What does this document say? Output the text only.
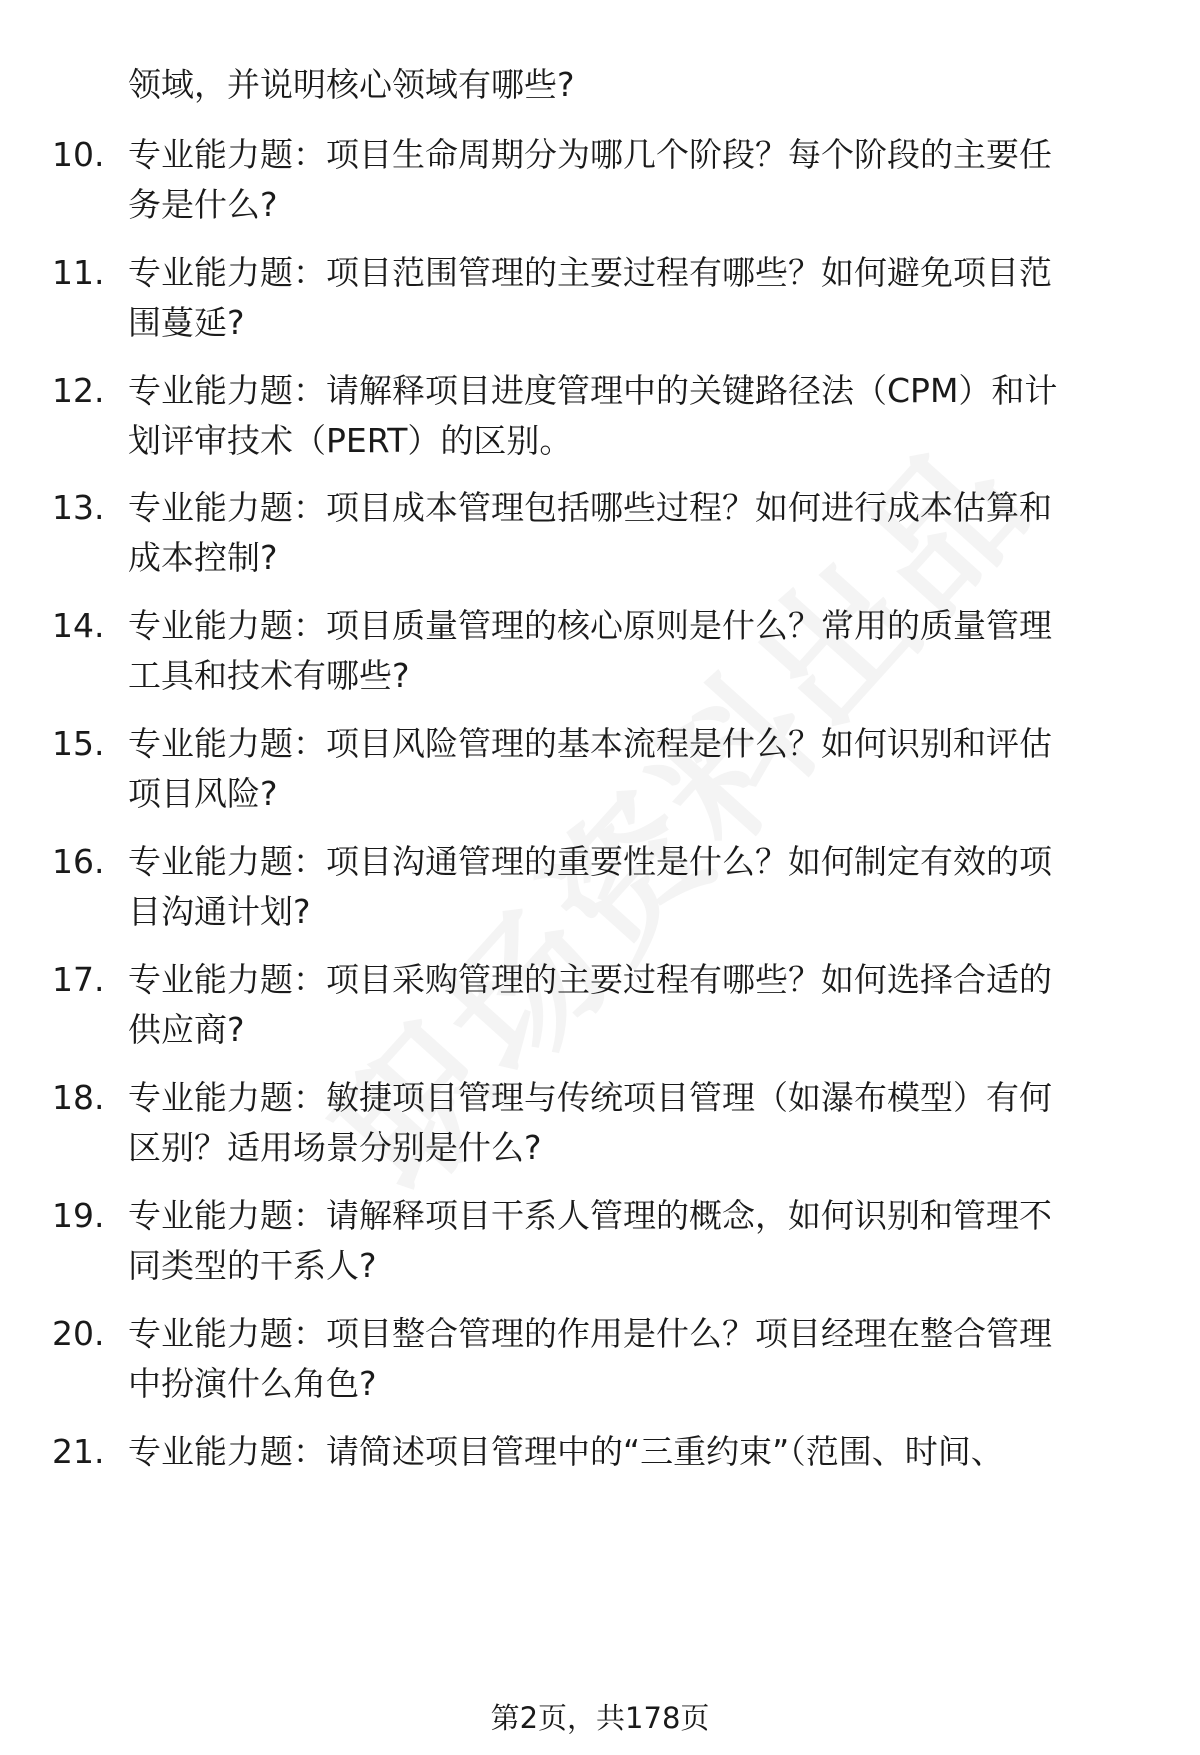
领域，并说明核心领域有哪些?
10. 专业能力题：项目生命周期分为哪几个阶段？每个阶段的主要任
务是什么?
11. 专业能力题：项目范围管理的主要过程有哪些？如何避免项目范
围蔓延?
12. 专业能力题：请解释项目进度管理中的关键路径法（CPM）和计
划评审技术（PERT）的区别。
13. 专业能力题：项目成本管理包括哪些过程？如何进行成本估算和
成本控制?
14. 专业能力题：项目质量管理的核心原则是什么？常用的质量管理
工具和技术有哪些?
15. 专业能力题：项目风险管理的基本流程是什么？如何识别和评估
项目风险?
16. 专业能力题：项目沟通管理的重要性是什么？如何制定有效的项
目沟通计划?
17. 专业能力题：项目采购管理的主要过程有哪些？如何选择合适的
供应商?
18. 专业能力题：敏捷项目管理与传统项目管理（如瀑布模型）有何
区别？适用场景分别是什么?
19. 专业能力题：请解释项目干系人管理的概念，如何识别和管理不
同类型的干系人?
20. 专业能力题：项目整合管理的作用是什么？项目经理在整合管理
中扮演什么角色?
21. 专业能力题：请简述项目管理中的“三重约束”（范围、时间、
第2页，共178页
